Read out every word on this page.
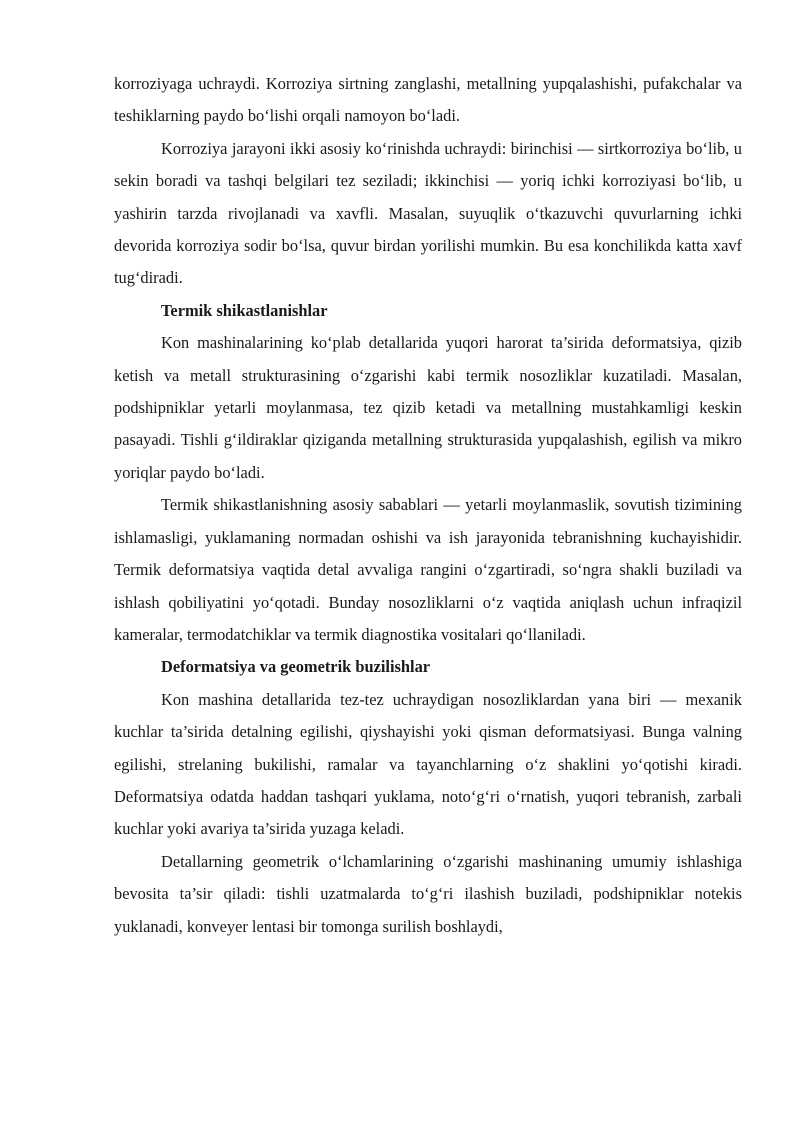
korroziyaga uchraydi. Korroziya sirtning zanglashi, metallning yupqalashishi, pufakchalar va teshiklarning paydo bo‘lishi orqali namoyon bo‘ladi.

Korroziya jarayoni ikki asosiy ko‘rinishda uchraydi: birinchisi — sirtkorroziya bo‘lib, u sekin boradi va tashqi belgilari tez seziladi; ikkinchisi — yoriq ichki korroziyasi bo‘lib, u yashirin tarzda rivojlanadi va xavfli. Masalan, suyuqlik o‘tkazuvchi quvurlarning ichki devorida korroziya sodir bo‘lsa, quvur birdan yorilishi mumkin. Bu esa konchilikda katta xavf tug‘diradi.

Termik shikastlanishlar

Kon mashinalarining ko‘plab detallarida yuqori harorat ta’sirida deformatsiya, qizib ketish va metall strukturasining o‘zgarishi kabi termik nosozliklar kuzatiladi. Masalan, podshipniklar yetarli moylanmasa, tez qizib ketadi va metallning mustahkamligi keskin pasayadi. Tishli g‘ildiraklar qiziganda metallning strukturasida yupqalashish, egilish va mikro yoriqlar paydo bo‘ladi.

Termik shikastlanishning asosiy sabablari — yetarli moylanmaslik, sovutish tizimining ishlamasligi, yuklamaning normadan oshishi va ish jarayonida tebranishning kuchayishidir. Termik deformatsiya vaqtida detal avvaliga rangini o‘zgartiradi, so‘ngra shakli buziladi va ishlash qobiliyatini yo‘qotadi. Bunday nosozliklarni o‘z vaqtida aniqlash uchun infraqizil kameralar, termodatchiklar va termik diagnostika vositalari qo‘llaniladi.

Deformatsiya va geometrik buzilishlar

Kon mashina detallarida tez-tez uchraydigan nosozliklardan yana biri — mexanik kuchlar ta’sirida detalning egilishi, qiyshayishi yoki qisman deformatsiyasi. Bunga valning egilishi, strelaning bukilishi, ramalar va tayanchlarning o‘z shaklini yo‘qotishi kiradi. Deformatsiya odatda haddan tashqari yuklama, noto‘g‘ri o‘rnatish, yuqori tebranish, zarbali kuchlar yoki avariya ta’sirida yuzaga keladi.

Detallarning geometrik o‘lchamlarining o‘zgarishi mashinaning umumiy ishlashiga bevosita ta’sir qiladi: tishli uzatmalarda to‘g‘ri ilashish buziladi, podshipniklar notekis yuklanadi, konveyer lentasi bir tomonga surilish boshlaydi,
